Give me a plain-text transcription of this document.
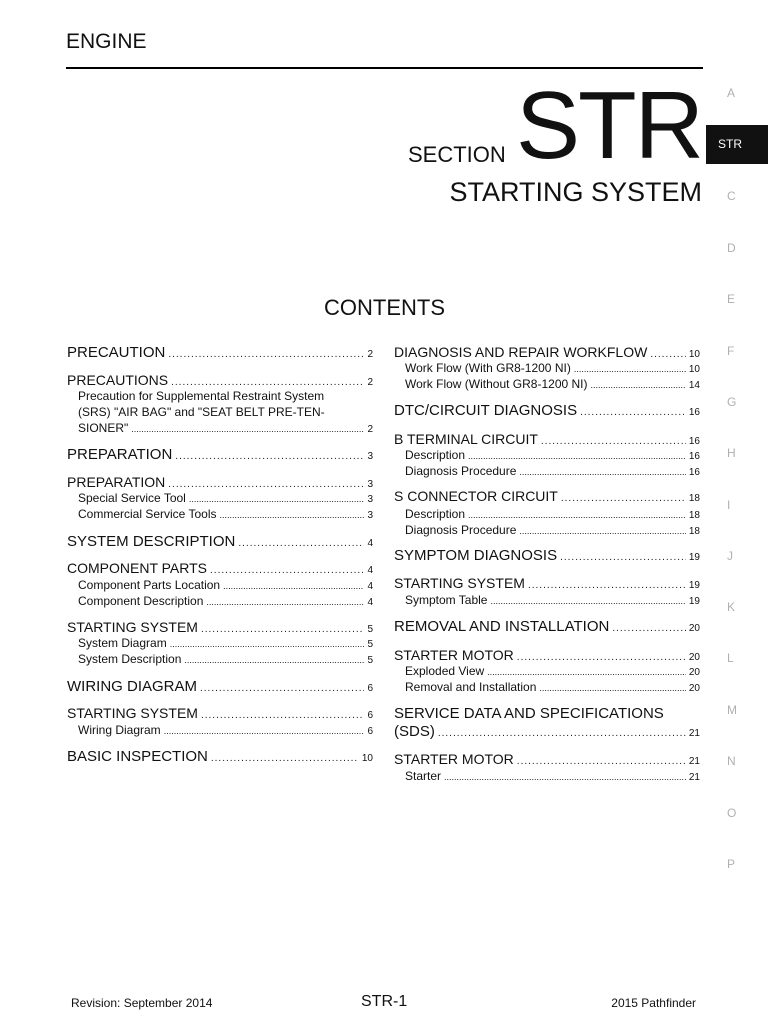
ENGINE
SECTION STR
STARTING SYSTEM
CONTENTS
A
STR
C
D
E
F
G
H
I
J
K
L
M
N
O
P
PRECAUTION .....	2
PRECAUTIONS .....	2
Precaution for Supplemental Restraint System
(SRS) "AIR BAG" and "SEAT BELT PRE-TEN-
SIONER" .....	2
PREPARATION .....	3
PREPARATION .....	3
Special Service Tool .....	3
Commercial Service Tools .....	3
SYSTEM DESCRIPTION .....	4
COMPONENT PARTS .....	4
Component Parts Location .....	4
Component Description .....	4
STARTING SYSTEM .....	5
System Diagram .....	5
System Description .....	5
WIRING DIAGRAM .....	6
STARTING SYSTEM .....	6
Wiring Diagram .....	6
BASIC INSPECTION .....	10
DIAGNOSIS AND REPAIR WORKFLOW .....	10
Work Flow (With GR8-1200 NI) .....	10
Work Flow (Without GR8-1200 NI) .....	14
DTC/CIRCUIT DIAGNOSIS .....	16
B TERMINAL CIRCUIT .....	16
Description .....	16
Diagnosis Procedure .....	16
S CONNECTOR CIRCUIT .....	18
Description .....	18
Diagnosis Procedure .....	18
SYMPTOM DIAGNOSIS .....	19
STARTING SYSTEM .....	19
Symptom Table .....	19
REMOVAL AND INSTALLATION .....	20
STARTER MOTOR .....	20
Exploded View .....	20
Removal and Installation .....	20
SERVICE DATA AND SPECIFICATIONS
(SDS) .....	21
STARTER MOTOR .....	21
Starter .....	21
Revision: September 2014	STR-1	2015 Pathfinder
